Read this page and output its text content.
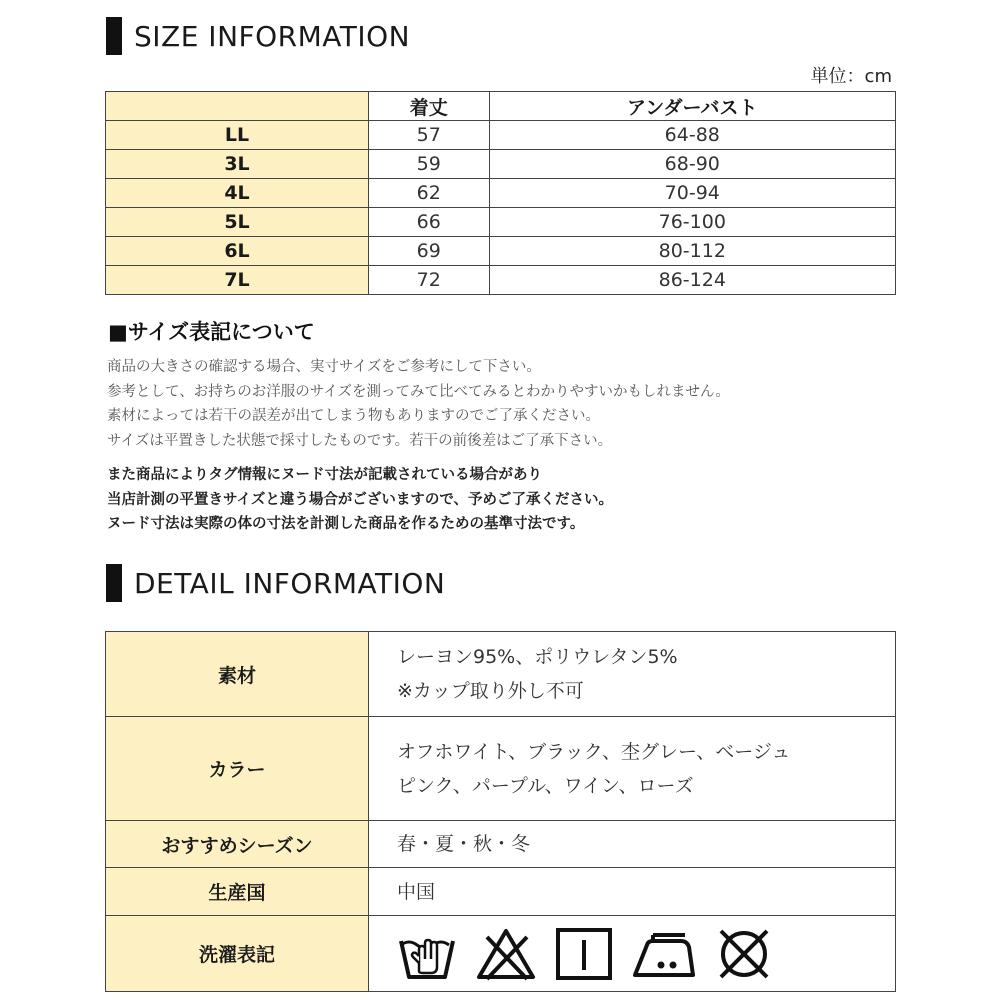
SIZE INFORMATION
単位：cm
	着丈	アンダーバスト
LL	57	64-88
3L	59	68-90
4L	62	70-94
5L	66	76-100
6L	69	80-112
7L	72	86-124
■サイズ表記について
商品の大きさの確認する場合、実寸サイズをご参考にして下さい。
参考として、お持ちのお洋服のサイズを測ってみて比べてみるとわかりやすいかもしれません。
素材によっては若干の誤差が出てしまう物もありますのでご了承ください。
サイズは平置きした状態で採寸したものです。若干の前後差はご了承下さい。
また商品によりタグ情報にヌード寸法が記載されている場合があり
当店計測の平置きサイズと違う場合がございますので、予めご了承ください。
ヌード寸法は実際の体の寸法を計測した商品を作るための基準寸法です。
DETAIL INFORMATION
素材	レーヨン95%、ポリウレタン5%
※カップ取り外し不可

カラー	オフホワイト、ブラック、杢グレー、ベージュ
ピンク、パープル、ワイン、ローズ

おすすめシーズン	春・夏・秋・冬

生産国	中国

洗濯表記	
